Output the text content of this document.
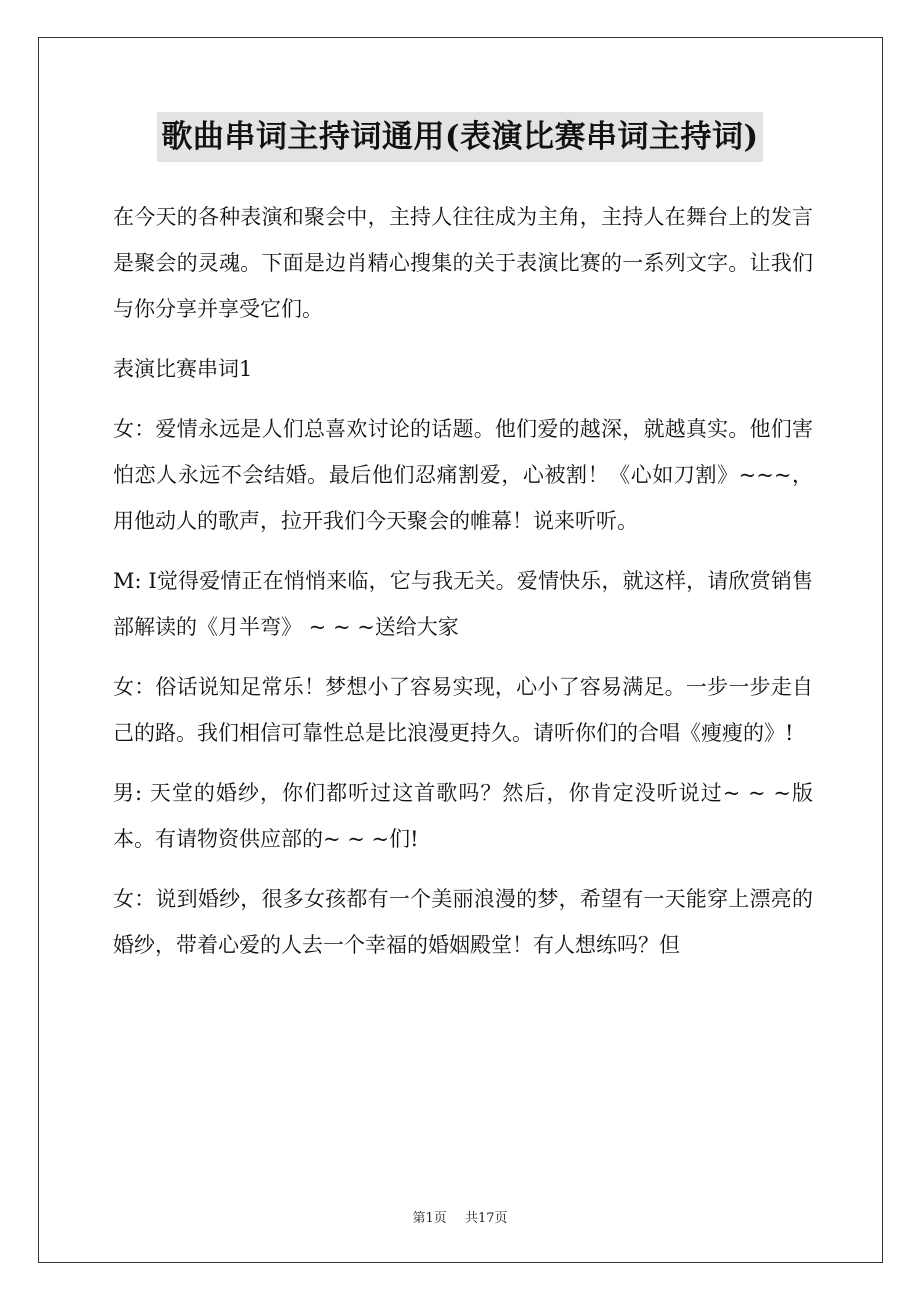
歌曲串词主持词通用(表演比赛串词主持词)

在今天的各种表演和聚会中，主持人往往成为主角，主持人在舞台上的发言是聚会的灵魂。下面是边肖精心搜集的关于表演比赛的一系列文字。让我们与你分享并享受它们。

表演比赛串词1

女：爱情永远是人们总喜欢讨论的话题。他们爱的越深，就越真实。他们害怕恋人永远不会结婚。最后他们忍痛割爱，心被割！《心如刀割》~~~，用他动人的歌声，拉开我们今天聚会的帷幕！说来听听。

M: I觉得爱情正在悄悄来临，它与我无关。爱情快乐，就这样，请欣赏销售部解读的《月半弯》 ~ ~ ~送给大家

女：俗话说知足常乐！梦想小了容易实现，心小了容易满足。一步一步走自己的路。我们相信可靠性总是比浪漫更持久。请听你们的合唱《瘦瘦的》!

男: 天堂的婚纱，你们都听过这首歌吗？然后，你肯定没听说过~ ~ ~版本。有请物资供应部的~ ~ ~们!

女：说到婚纱，很多女孩都有一个美丽浪漫的梦，希望有一天能穿上漂亮的婚纱，带着心爱的人去一个幸福的婚姻殿堂！有人想练吗？但

第1页 共17页
